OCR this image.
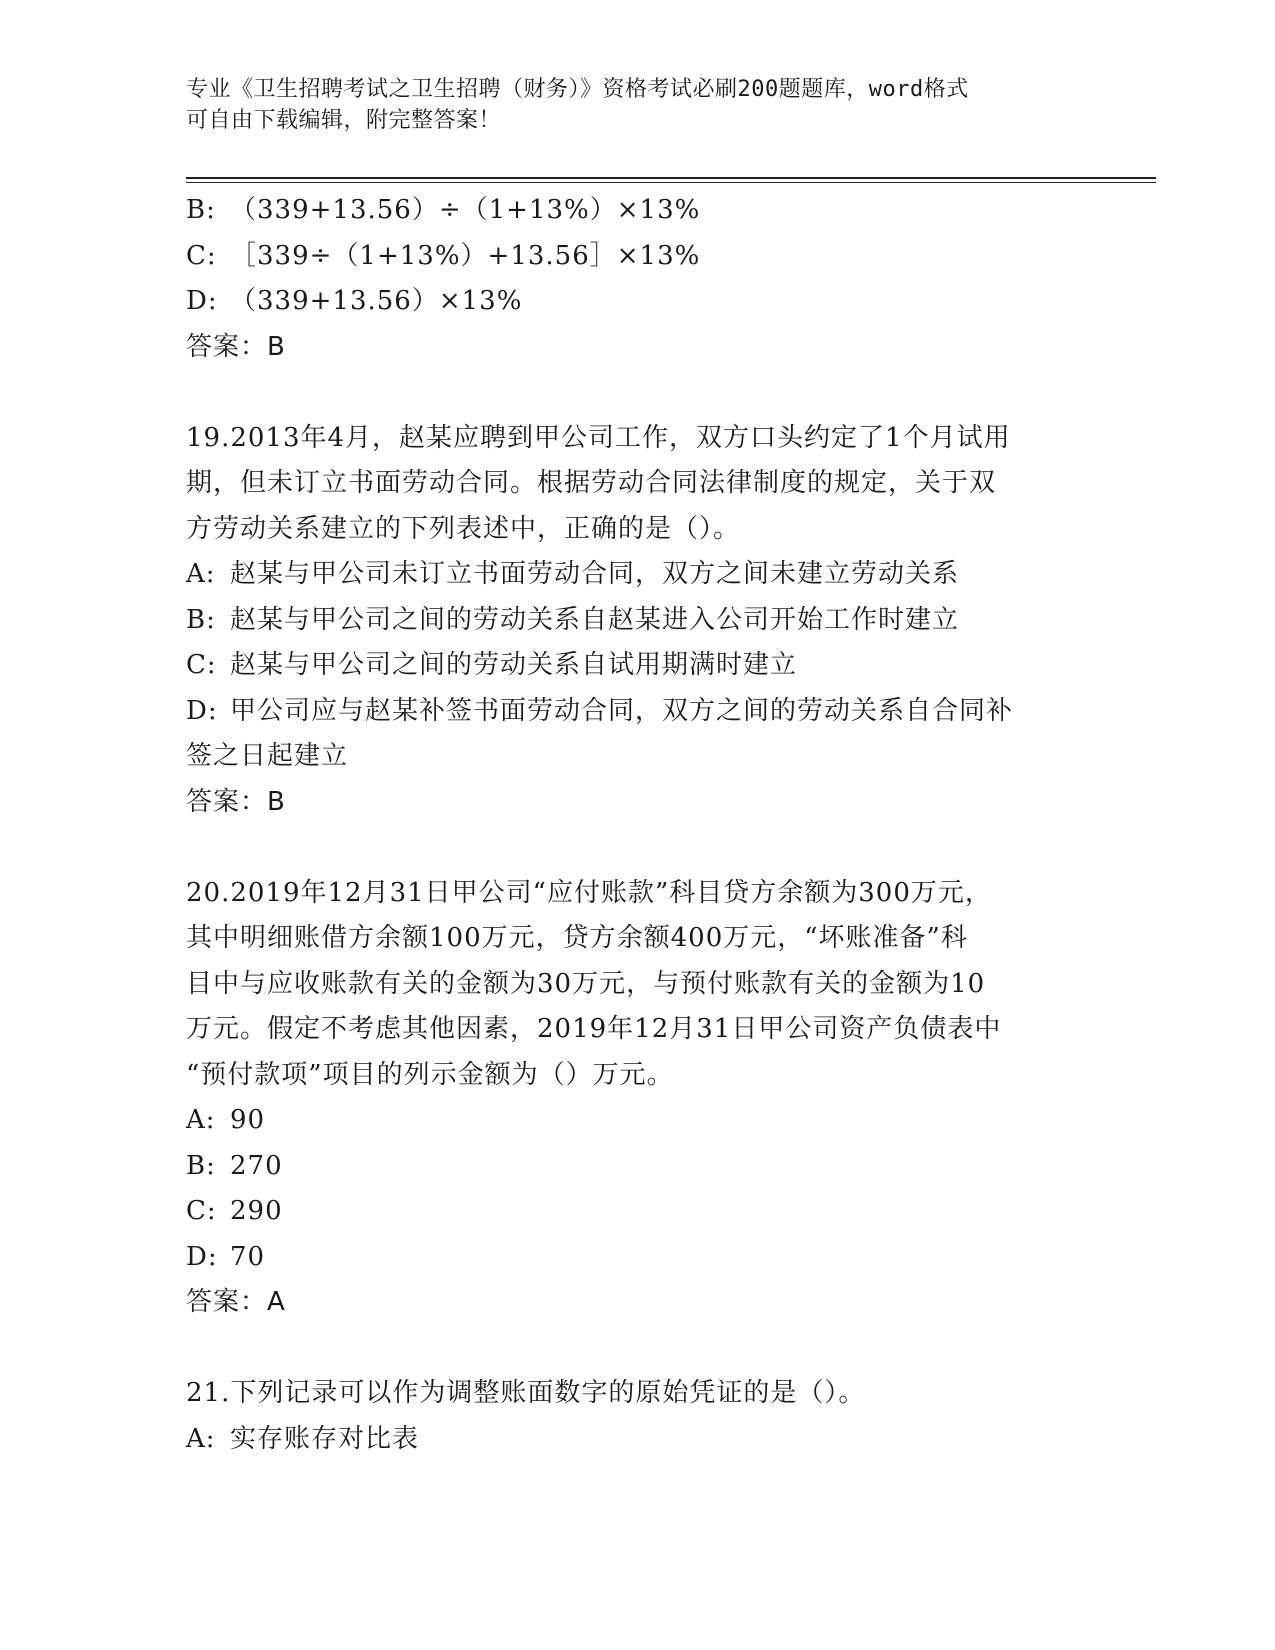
专业《卫生招聘考试之卫生招聘（财务）》资格考试必刷200题题库，word格式
可自由下载编辑，附完整答案！
B: （339+13.56）÷（1+13%）×13%
C: ［339÷（1+13%）+13.56］×13%
D: （339+13.56）×13%
答案：B
19.2013年4月，赵某应聘到甲公司工作，双方口头约定了1个月试用
期，但未订立书面劳动合同。根据劳动合同法律制度的规定，关于双
方劳动关系建立的下列表述中，正确的是（）。
A: 赵某与甲公司未订立书面劳动合同，双方之间未建立劳动关系
B: 赵某与甲公司之间的劳动关系自赵某进入公司开始工作时建立
C: 赵某与甲公司之间的劳动关系自试用期满时建立
D: 甲公司应与赵某补签书面劳动合同，双方之间的劳动关系自合同补
签之日起建立
答案：B
20.2019年12月31日甲公司“应付账款”科目贷方余额为300万元，
其中明细账借方余额100万元，贷方余额400万元，“坏账准备”科
目中与应收账款有关的金额为30万元，与预付账款有关的金额为10
万元。假定不考虑其他因素，2019年12月31日甲公司资产负债表中
“预付款项”项目的列示金额为（）万元。
A: 90
B: 270
C: 290
D: 70
答案：A
21.下列记录可以作为调整账面数字的原始凭证的是（）。
A: 实存账存对比表
